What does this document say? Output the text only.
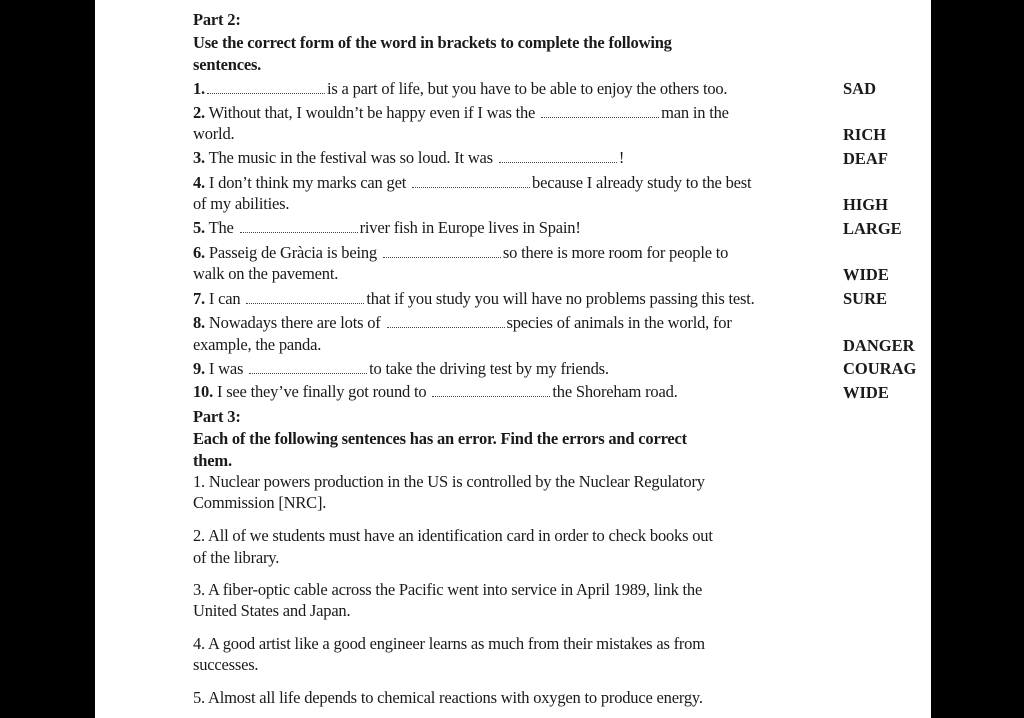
Part 2:
Use the correct form of the word in brackets to complete the following
sentences.
1.	is a part of life, but you have to be able to enjoy the others too.	SAD
2. Without that, I wouldn’t be happy even if I was the	man in the
world.	RICH
3. The music in the festival was so loud. It was	!	DEAF
4. I don’t think my marks can get	because I already study to the best
of my abilities.	HIGH
5. The	river fish in Europe lives in Spain!	LARGE
6. Passeig de Gràcia is being	so there is more room for people to
walk on the pavement.	WIDE
7. I can	that if you study you will have no problems passing this test.	SURE
8. Nowadays there are lots of	species of animals in the world, for
example, the panda.	DANGER
9. I was	to take the driving test by my friends.	COURAG
10. I see they’ve finally got round to	the Shoreham road.	WIDE
Part 3:
Each of the following sentences has an error. Find the errors and correct
them.
1. Nuclear powers production in the US is controlled by the Nuclear Regulatory
Commission [NRC].
2. All of we students must have an identification card in order to check books out
of the library.
3. A fiber-optic cable across the Pacific went into service in April 1989, link the
United States and Japan.
4. A good artist like a good engineer learns as much from their mistakes as from
successes.
5. Almost all life depends to chemical reactions with oxygen to produce energy.
